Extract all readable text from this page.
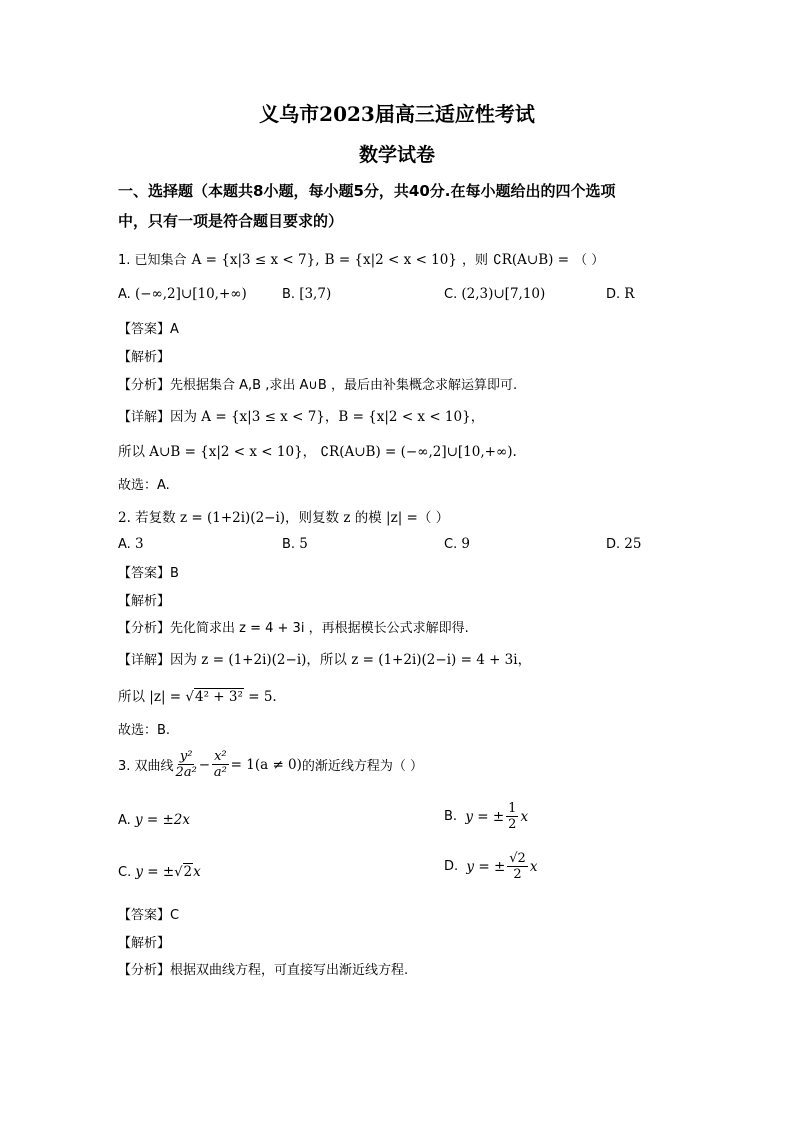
义乌市2023届高三适应性考试
数学试卷
一、选择题（本题共8小题，每小题5分，共40分.在每小题给出的四个选项
中，只有一项是符合题目要求的）
1. 已知集合 A = {x|3 ≤ x < 7}, B = {x|2 < x < 10} ，则 ∁R(A∪B) = （ ）
A. (−∞,2]∪[10,+∞)	B. [3,7)	C. (2,3)∪[7,10)	D. R
【答案】A
【解析】
【分析】先根据集合 A,B ,求出 A∪B ，最后由补集概念求解运算即可.
【详解】因为 A = {x|3 ≤ x < 7}，B = {x|2 < x < 10}，
所以 A∪B = {x|2 < x < 10}， ∁R(A∪B) = (−∞,2]∪[10,+∞).
故选：A.
2. 若复数 z = (1+2i)(2−i)，则复数 z 的模 |z| =（ ）
A. 3	B. 5	C. 9	D. 25
【答案】B
【解析】
【分析】先化简求出 z = 4 + 3i ，再根据模长公式求解即得.
【详解】因为 z = (1+2i)(2−i)，所以 z = (1+2i)(2−i) = 4 + 3i，
所以 |z| = √4² + 3² = 5.
故选：B.
3. 双曲线 $\frac{\text{y²}}{\text{2a²}} - \frac{\text{x²}}{\text{a²}} = 1(a \ne 0)$ 的渐近线方程为（ ）
A. y = ±2x	B.
y = ± $\frac{1}{2}$ x
C. y = ±√2x	D.
y = ± $\frac{√2}{2}$ x
【答案】C
【解析】
【分析】根据双曲线方程，可直接写出渐近线方程.
